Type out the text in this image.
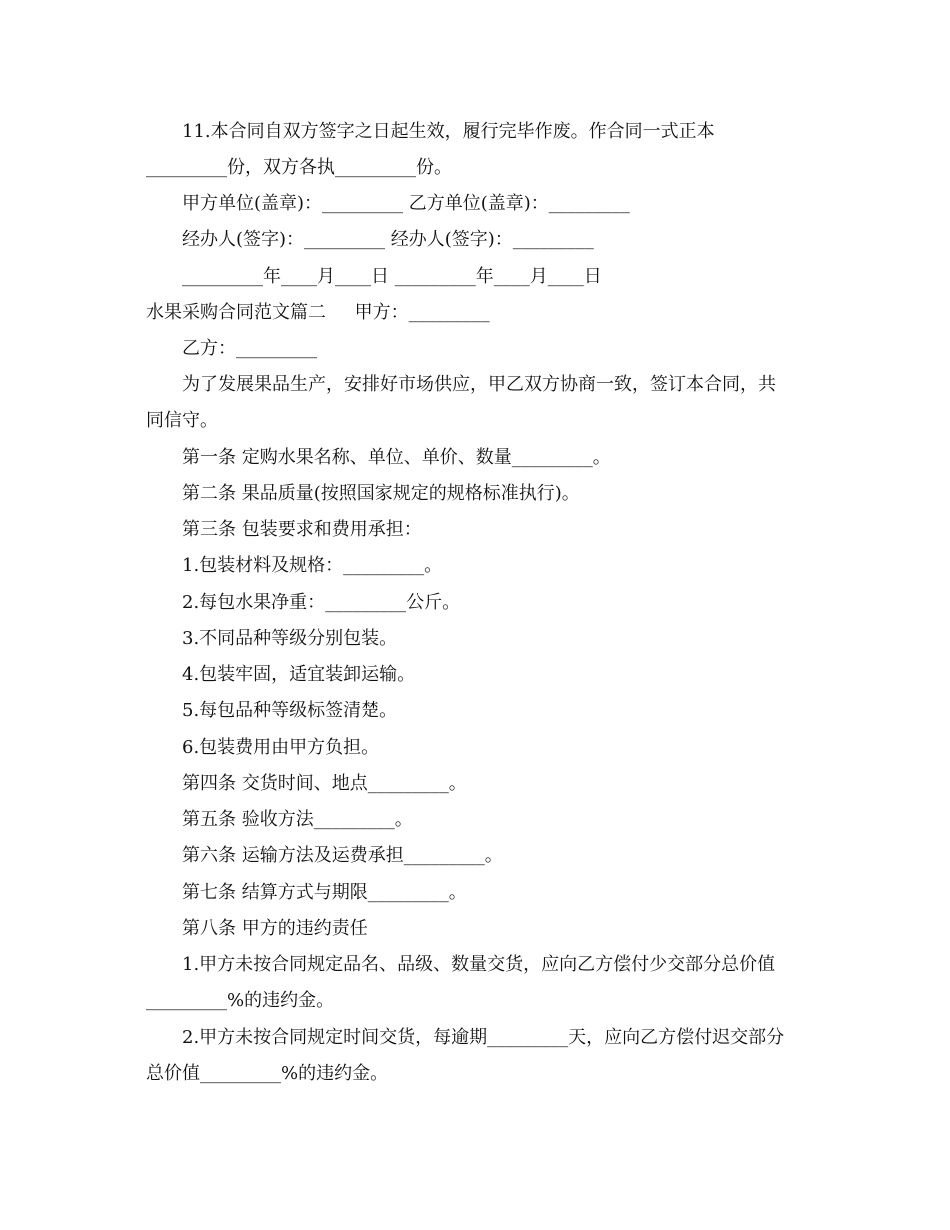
11.本合同自双方签字之日起生效，履行完毕作废。作合同一式正本
_________份，双方各执_________份。
甲方单位(盖章)：_________ 乙方单位(盖章)：_________
经办人(签字)：_________ 经办人(签字)：_________
_________年____月____日 _________年____月____日
水果采购合同范文篇二     甲方：_________
乙方：_________
为了发展果品生产，安排好市场供应，甲乙双方协商一致，签订本合同，共
同信守。
第一条 定购水果名称、单位、单价、数量_________。
第二条 果品质量(按照国家规定的规格标准执行)。
第三条 包装要求和费用承担：
1.包装材料及规格：_________。
2.每包水果净重：_________公斤。
3.不同品种等级分别包装。
4.包装牢固，适宜装卸运输。
5.每包品种等级标签清楚。
6.包装费用由甲方负担。
第四条 交货时间、地点_________。
第五条 验收方法_________。
第六条 运输方法及运费承担_________。
第七条 结算方式与期限_________。
第八条 甲方的违约责任
1.甲方未按合同规定品名、品级、数量交货，应向乙方偿付少交部分总价值
_________%的违约金。
2.甲方未按合同规定时间交货，每逾期_________天，应向乙方偿付迟交部分
总价值_________%的违约金。
